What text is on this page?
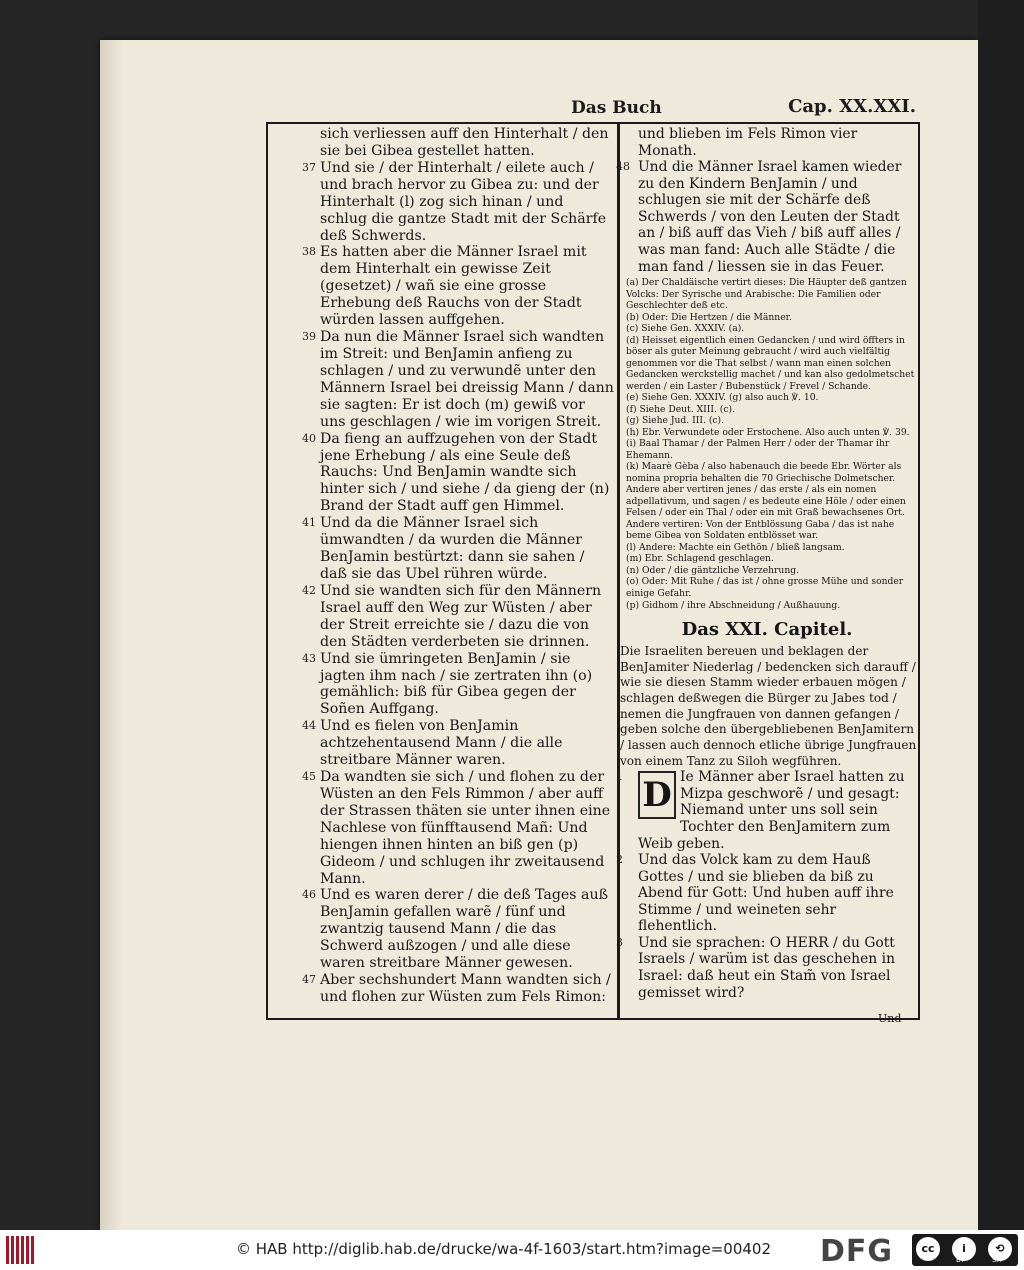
Das Buch	Cap. XX.XXI.
sich verliessen auff den Hinterhalt / den sie bei Gibea gestellet hatten.
37 Und sie / der Hinterhalt / eilete auch / und brach hervor zu Gibea zu: und der Hinterhalt (l) zog sich hinan / und schlug die gantze Stadt mit der Schärfe deß Schwerds.
38 Es hatten aber die Männer Israel mit dem Hinterhalt ein gewisse Zeit (gesetzet) / wañ sie eine grosse Erhebung deß Rauchs von der Stadt würden lassen auffgehen.
39 Da nun die Männer Israel sich wandten im Streit: und BenJamin anfieng zu schlagen / und zu verwundẽ unter den Männern Israel bei dreissig Mann / dann sie sagten: Er ist doch (m) gewiß vor uns geschlagen / wie im vorigen Streit.
40 Da fieng an auffzugehen von der Stadt jene Erhebung / als eine Seule deß Rauchs: Und BenJamin wandte sich hinter sich / und siehe / da gieng der (n) Brand der Stadt auff gen Himmel.
41 Und da die Männer Israel sich ümwandten / da wurden die Männer BenJamin bestürtzt: dann sie sahen / daß sie das Ubel rühren würde.
42 Und sie wandten sich für den Männern Israel auff den Weg zur Wüsten / aber der Streit erreichte sie / dazu die von den Städten verderbeten sie drinnen.
43 Und sie ümringeten BenJamin / sie jagten ihm nach / sie zertraten ihn (o) gemählich: biß für Gibea gegen der Soñen Auffgang.
44 Und es fielen von BenJamin achtzehentausend Mann / die alle streitbare Männer waren.
45 Da wandten sie sich / und flohen zu der Wüsten an den Fels Rimmon / aber auff der Strassen thäten sie unter ihnen eine Nachlese von fünfftausend Mañ: Und hiengen ihnen hinten an biß gen (p) Gideom / und schlugen ihr zweitausend Mann.
46 Und es waren derer / die deß Tages auß BenJamin gefallen warẽ / fünf und zwantzig tausend Mann / die das Schwerd außzogen / und alle diese waren streitbare Männer gewesen.
47 Aber sechshundert Mann wandten sich / und flohen zur Wüsten zum Fels Rimon:
und blieben im Fels Rimon vier Monath.
48 Und die Männer Israel kamen wieder zu den Kindern BenJamin / und schlugen sie mit der Schärfe deß Schwerds / von den Leuten der Stadt an / biß auff das Vieh / biß auff alles / was man fand: Auch alle Städte / die man fand / liessen sie in das Feuer.
(a) Der Chaldäische vertirt dieses: Die Häupter deß gantzen Volcks: Der Syrische und Arabische: Die Familien oder Geschlechter deß etc.
(b) Oder: Die Hertzen / die Männer.
(c) Siehe Gen. XXXIV. (a).
(d) Heisset eigentlich einen Gedancken / und wird öffters in böser als guter Meinung gebraucht / wird auch vielfältig genommen vor die That selbst / wann man einen solchen Gedancken werckstellig machet / und kan also gedolmetschet werden / ein Laster / Bubenstück / Frevel / Schande.
(e) Siehe Gen. XXXIV. (g) also auch ℣. 10.
(f) Siehe Deut. XIII. (c).
(g) Siehe Jud. III. (c).
(h) Ebr. Verwundete oder Erstochene. Also auch unten ℣. 39.
(i) Baal Thamar / der Palmen Herr / oder der Thamar ihr Ehemann.
(k) Maarè Gèba / also habenauch die beede Ebr. Wörter als nomina propria behalten die 70 Griechische Dolmetscher. Andere aber vertiren jenes / das erste / als ein nomen adpellativum, und sagen / es bedeute eine Höle / oder einen Felsen / oder ein Thal / oder ein mit Graß bewachsenes Ort. Andere vertiren: Von der Entblössung Gaba / das ist nahe beme Gibea von Soldaten entblösset war.
(l) Andere: Machte ein Gethön / bließ langsam.
(m) Ebr. Schlagend geschlagen.
(n) Oder / die gäntzliche Verzehrung.
(o) Oder: Mit Ruhe / das ist / ohne grosse Mühe und sonder einige Gefahr.
(p) Gidhom / ihre Abschneidung / Außhauung.
Das XXI. Capitel.
Die Israeliten bereuen und beklagen der BenJamiter Niederlag / bedencken sich darauff / wie sie diesen Stamm wieder erbauen mögen / schlagen deßwegen die Bürger zu Jabes tod / nemen die Jungfrauen von dannen gefangen / geben solche den übergebliebenen BenJamitern / lassen auch dennoch etliche übrige Jungfrauen von einem Tanz zu Siloh wegführen.
1 D Ie Männer aber Israel hatten zu Mizpa geschworẽ / und gesagt: Niemand unter uns soll sein Tochter den BenJamitern zum Weib geben.
2	Und das Volck kam zu dem Hauß Gottes / und sie blieben da biß zu Abend für Gott: Und huben auff ihre Stimme / und weineten sehr flehentlich.
3	Und sie sprachen: O HERR / du Gott Israels / warüm ist das geschehen in Israel: daß heut ein Stam̃ von Israel gemisset wird?
Und
© HAB http://diglib.hab.de/drucke/wa-4f-1603/start.htm?image=00402 DFG	cc	i	⟲
BY	SA
